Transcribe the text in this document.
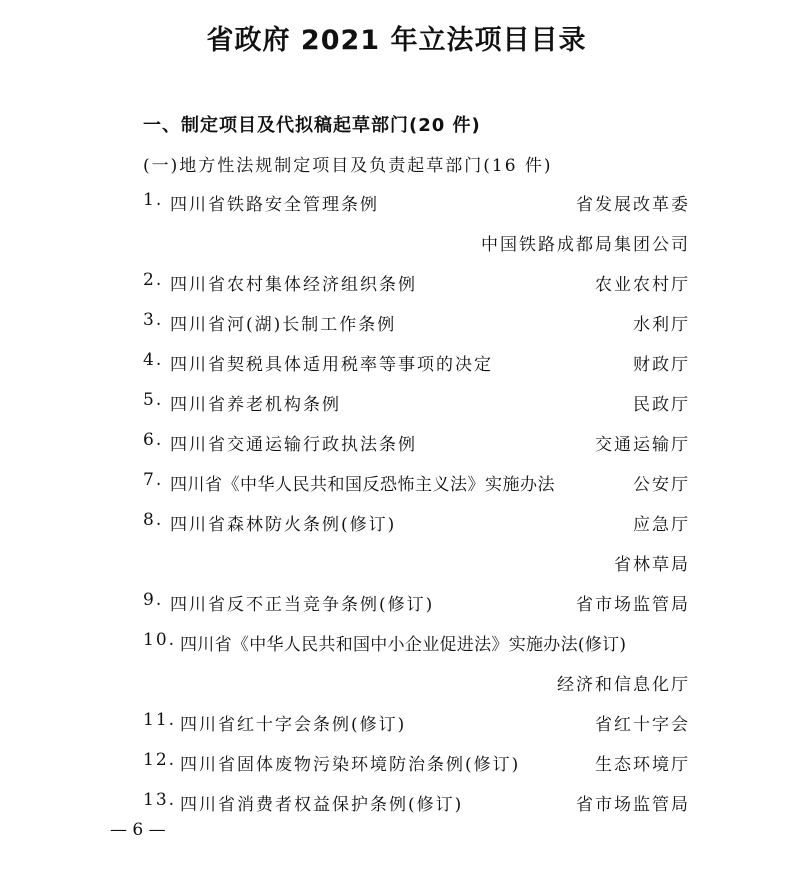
省政府 2021 年立法项目目录
一、制定项目及代拟稿起草部门(20 件)
(一)地方性法规制定项目及负责起草部门(16 件)
1. 四川省铁路安全管理条例	省发展改革委
中国铁路成都局集团公司
2. 四川省农村集体经济组织条例	农业农村厅
3. 四川省河(湖)长制工作条例	水利厅
4. 四川省契税具体适用税率等事项的决定	财政厅
5. 四川省养老机构条例	民政厅
6. 四川省交通运输行政执法条例	交通运输厅
7. 四川省《中华人民共和国反恐怖主义法》实施办法	公安厅
8. 四川省森林防火条例(修订)	应急厅
省林草局
9. 四川省反不正当竞争条例(修订)	省市场监管局
10. 四川省《中华人民共和国中小企业促进法》实施办法(修订)
经济和信息化厅
11. 四川省红十字会条例(修订)	省红十字会
12. 四川省固体废物污染环境防治条例(修订)	生态环境厅
13. 四川省消费者权益保护条例(修订)	省市场监管局
— 6 —
